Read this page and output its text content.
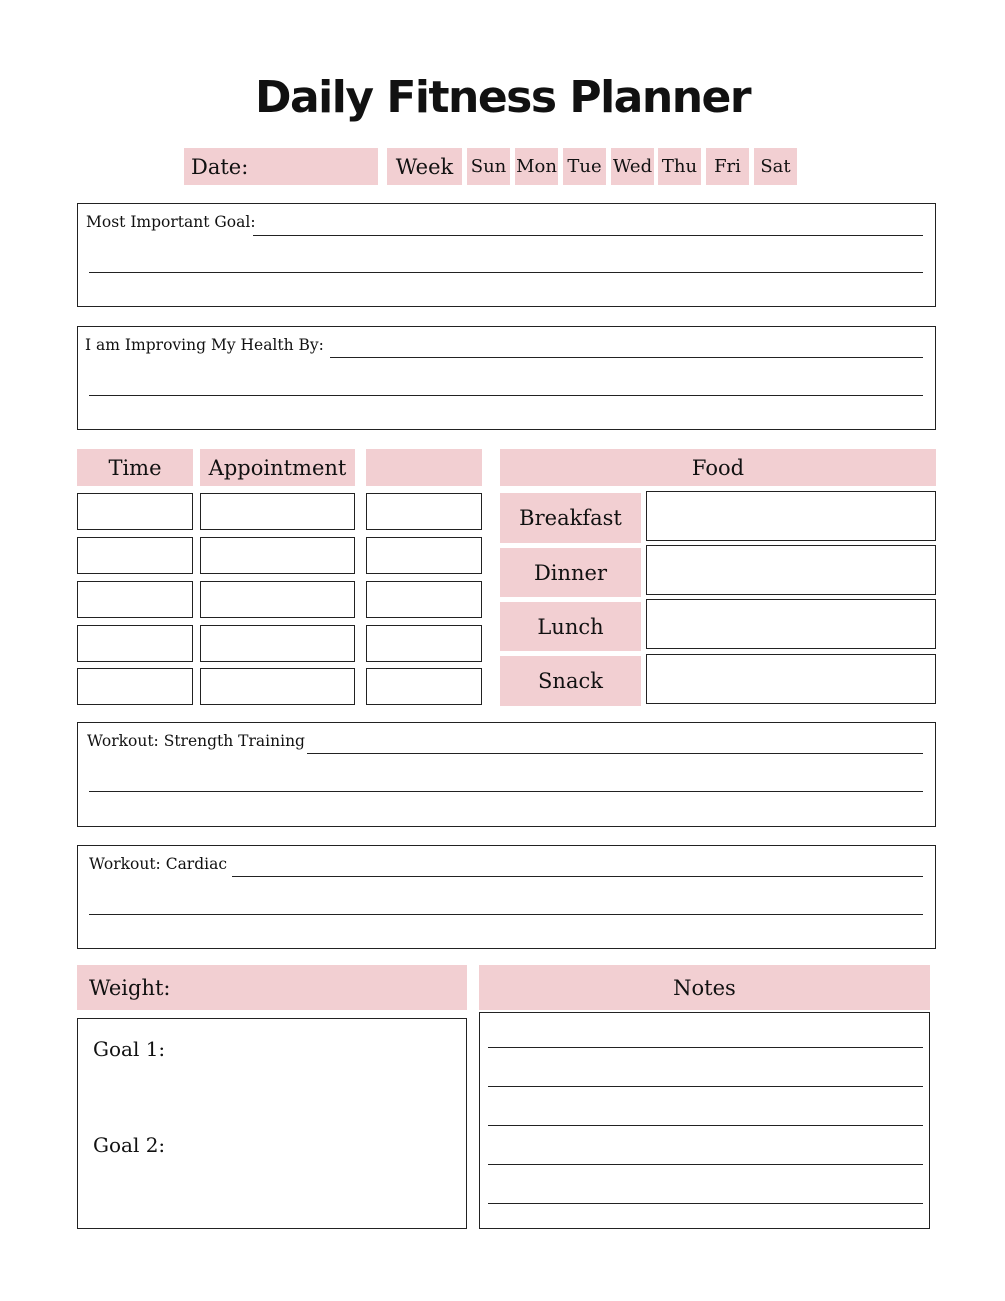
Daily Fitness Planner
Date:	Week Sun Mon Tue Wed Thu Fri	Sat
Most Important Goal:
I am Improving My Health By:
Time Appointment	Food
Breakfast
Dinner
Lunch
Snack
Workout: Strength Training
Workout: Cardiac
Weight:
Goal 1:
Goal 2:
Notes
